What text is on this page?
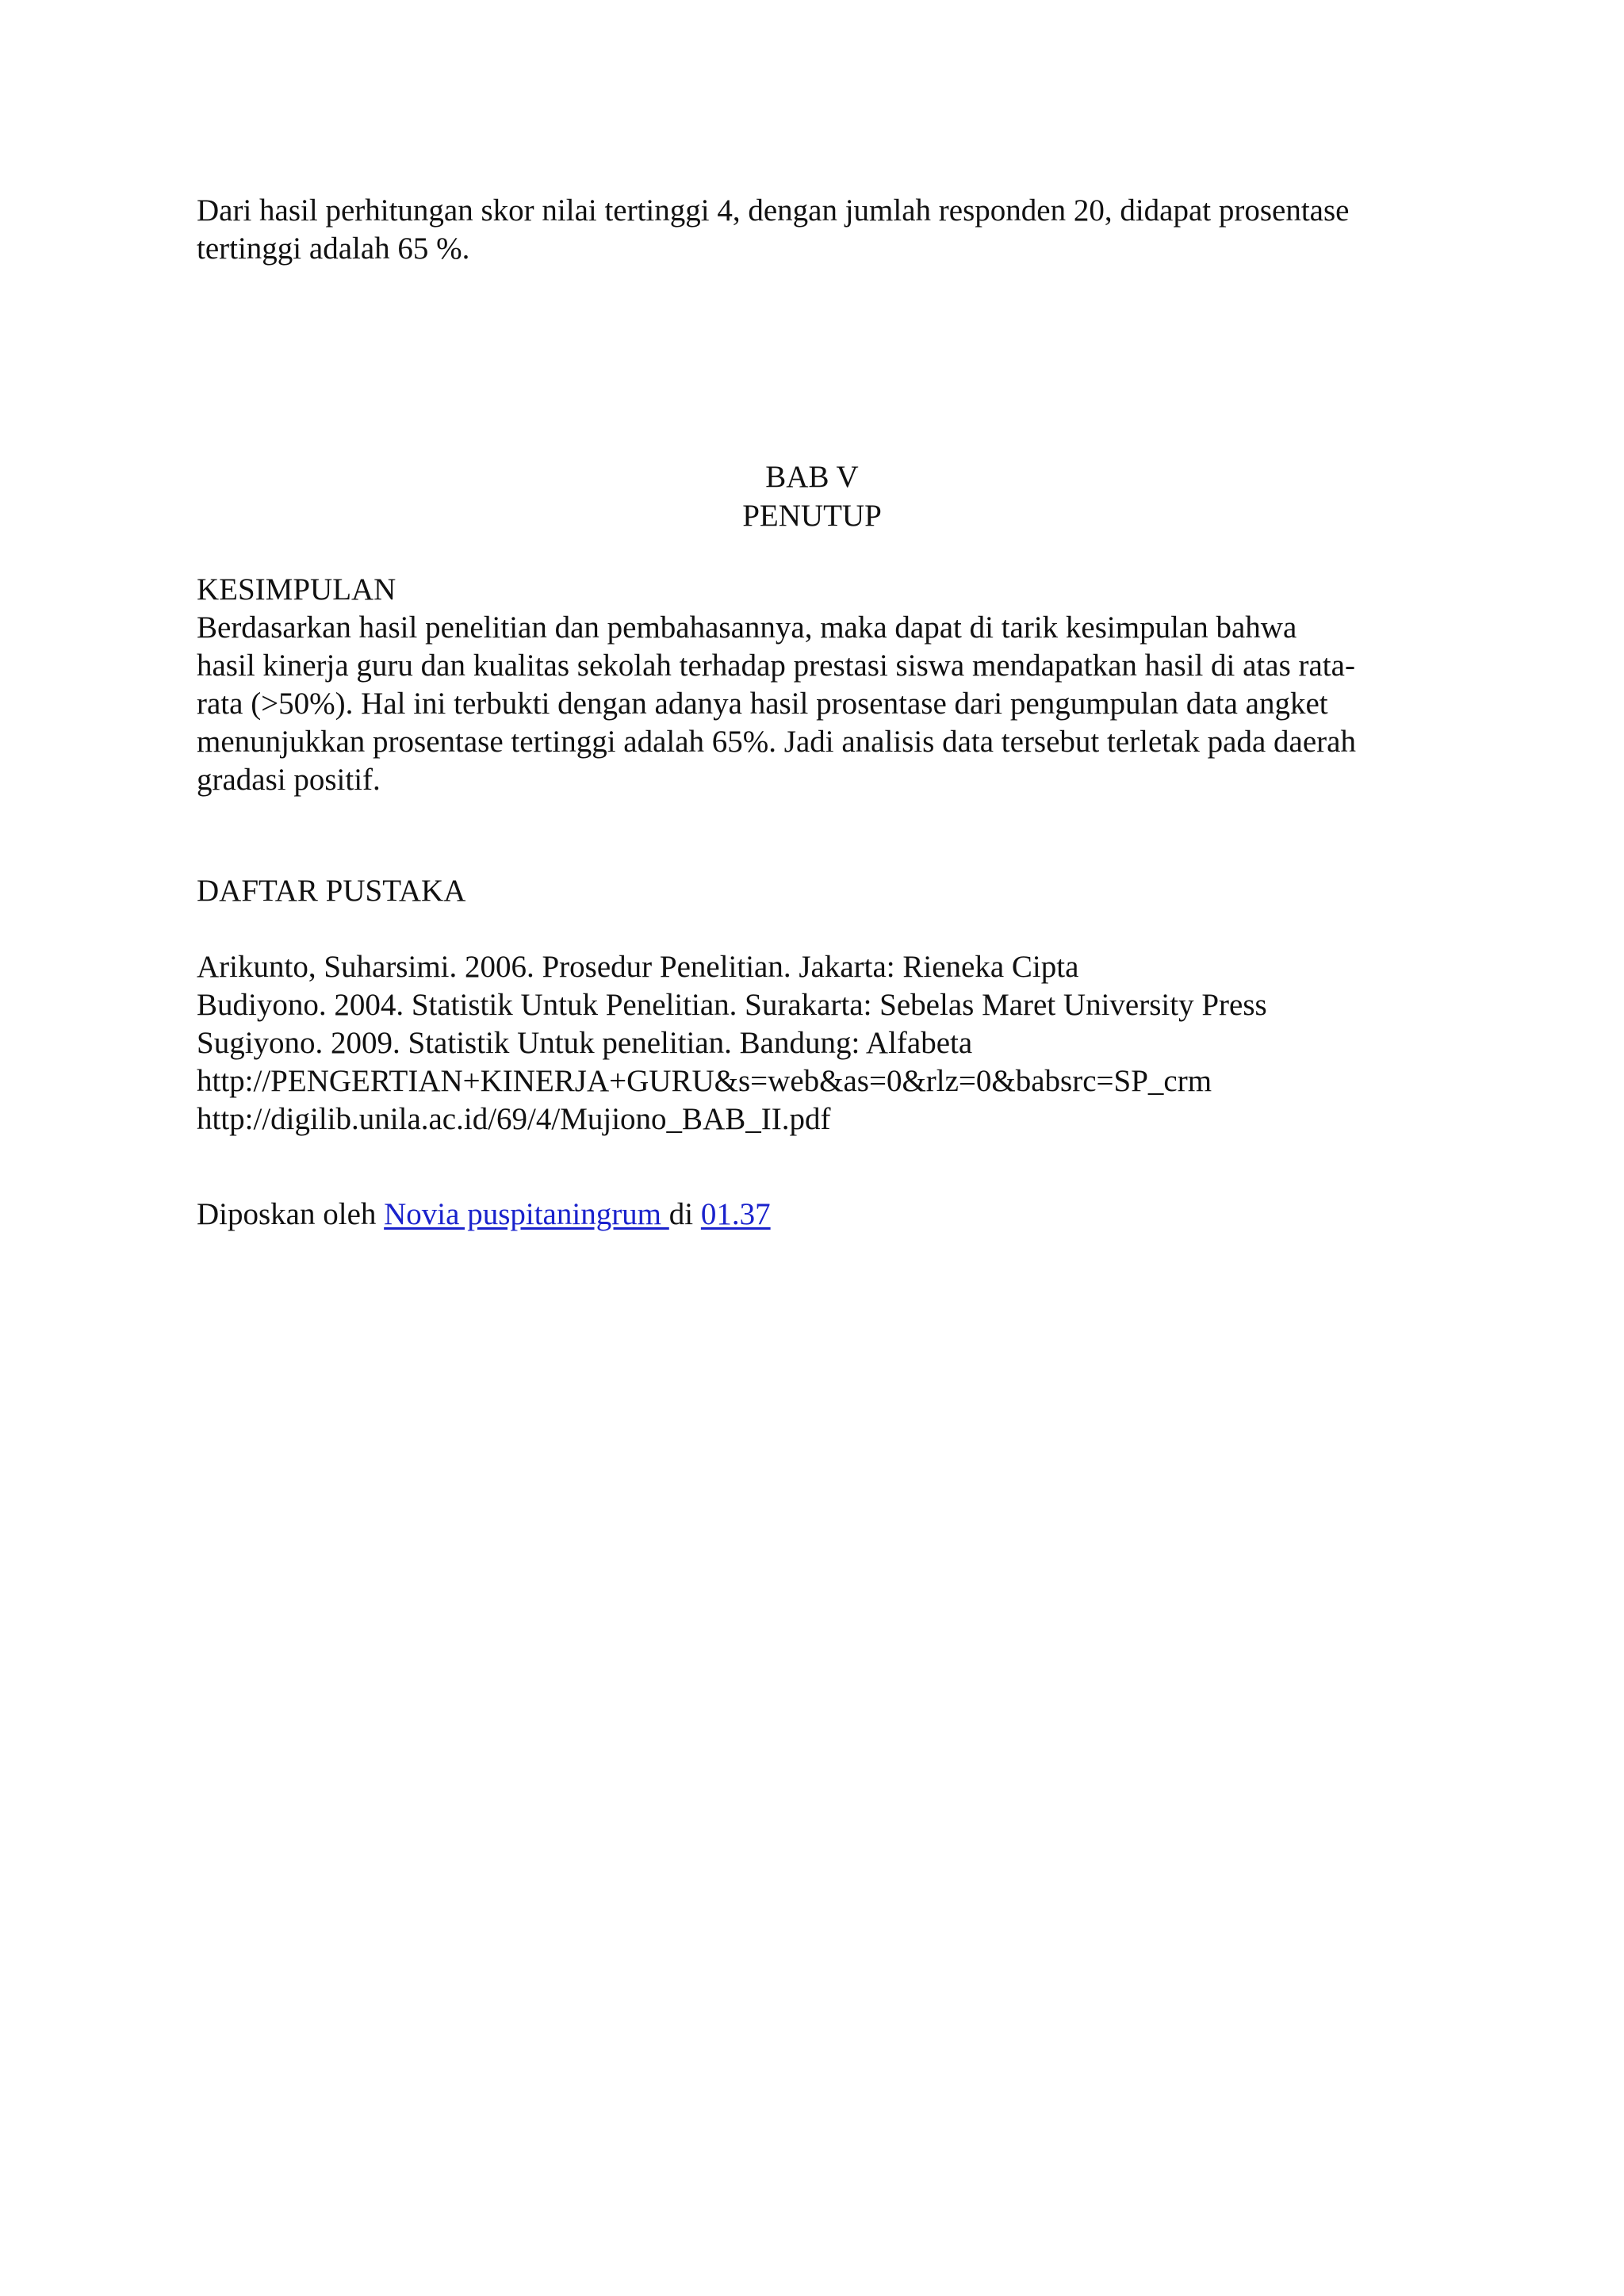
Dari hasil perhitungan skor nilai tertinggi 4, dengan jumlah responden 20, didapat prosentase
tertinggi adalah 65 %.
BAB V
PENUTUP
KESIMPULAN
Berdasarkan hasil penelitian dan pembahasannya, maka dapat di tarik kesimpulan bahwa
hasil kinerja guru dan kualitas sekolah terhadap prestasi siswa mendapatkan hasil di atas rata-
rata (>50%). Hal ini terbukti dengan adanya hasil prosentase dari pengumpulan data angket
menunjukkan prosentase tertinggi adalah 65%. Jadi analisis data tersebut terletak pada daerah
gradasi positif.
DAFTAR PUSTAKA
Arikunto, Suharsimi. 2006. Prosedur Penelitian. Jakarta: Rieneka Cipta
Budiyono. 2004. Statistik Untuk Penelitian. Surakarta: Sebelas Maret University Press
Sugiyono. 2009. Statistik Untuk penelitian. Bandung: Alfabeta
http://PENGERTIAN+KINERJA+GURU&s=web&as=0&rlz=0&babsrc=SP_crm
http://digilib.unila.ac.id/69/4/Mujiono_BAB_II.pdf
Diposkan oleh Novia puspitaningrum di 01.37
